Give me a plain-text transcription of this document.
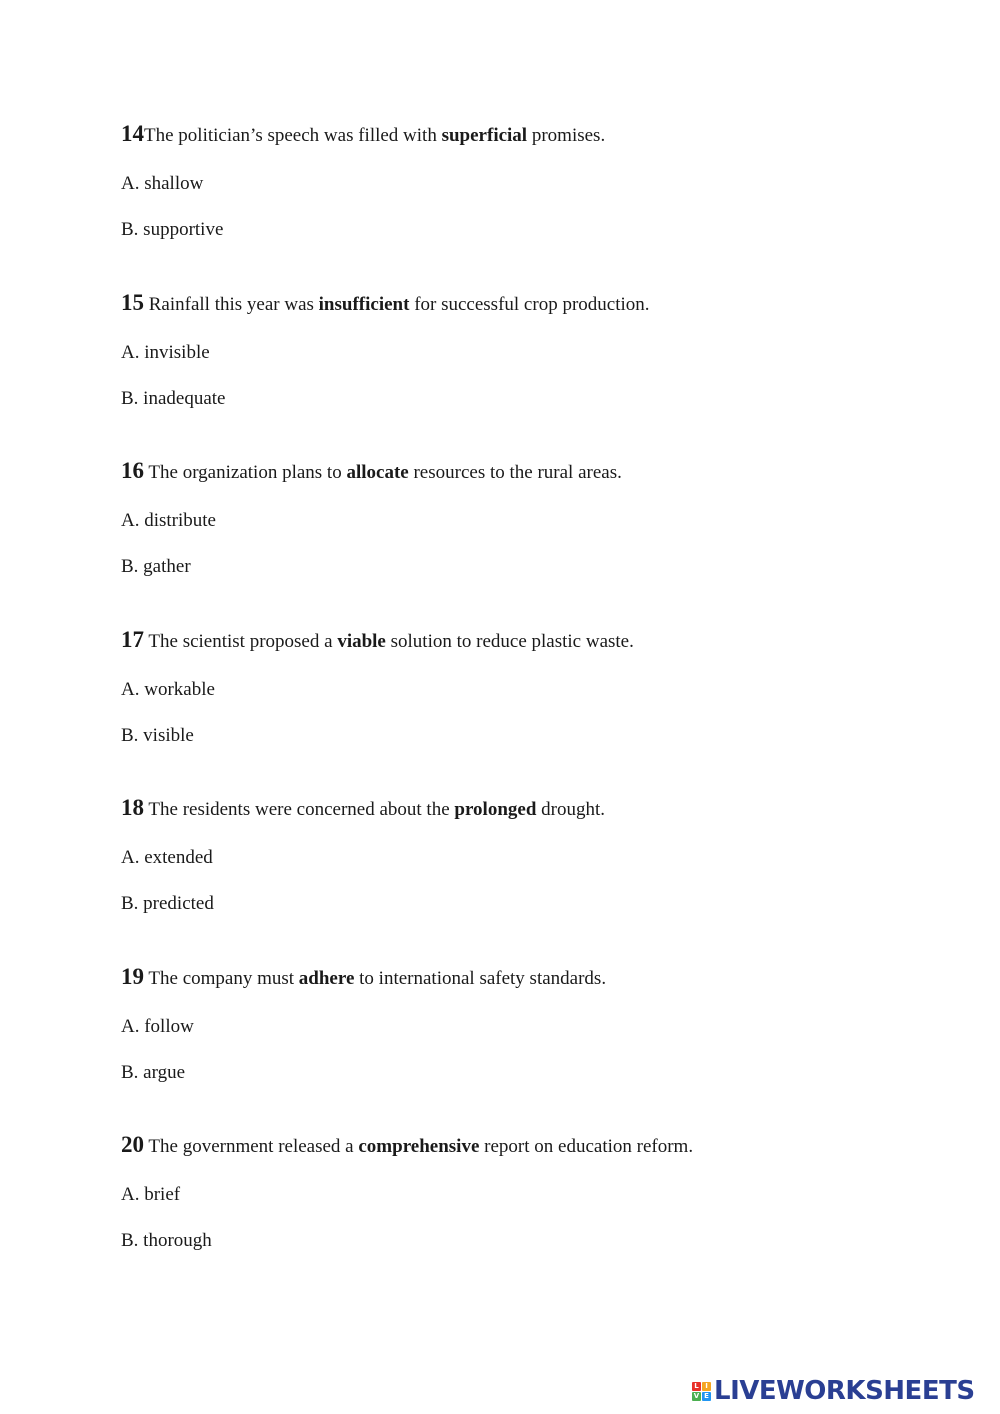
14The politician’s speech was filled with superficial promises.
A. shallow
B. supportive
15 Rainfall this year was insufficient for successful crop production.
A. invisible
B. inadequate
16 The organization plans to allocate resources to the rural areas.
A. distribute
B. gather
17 The scientist proposed a viable solution to reduce plastic waste.
A. workable
B. visible
18 The residents were concerned about the prolonged drought.
A. extended
B. predicted
19 The company must adhere to international safety standards.
A. follow
B. argue
20 The government released a comprehensive report on education reform.
A. brief
B. thorough
L I
V E LIVEWORKSHEETS
